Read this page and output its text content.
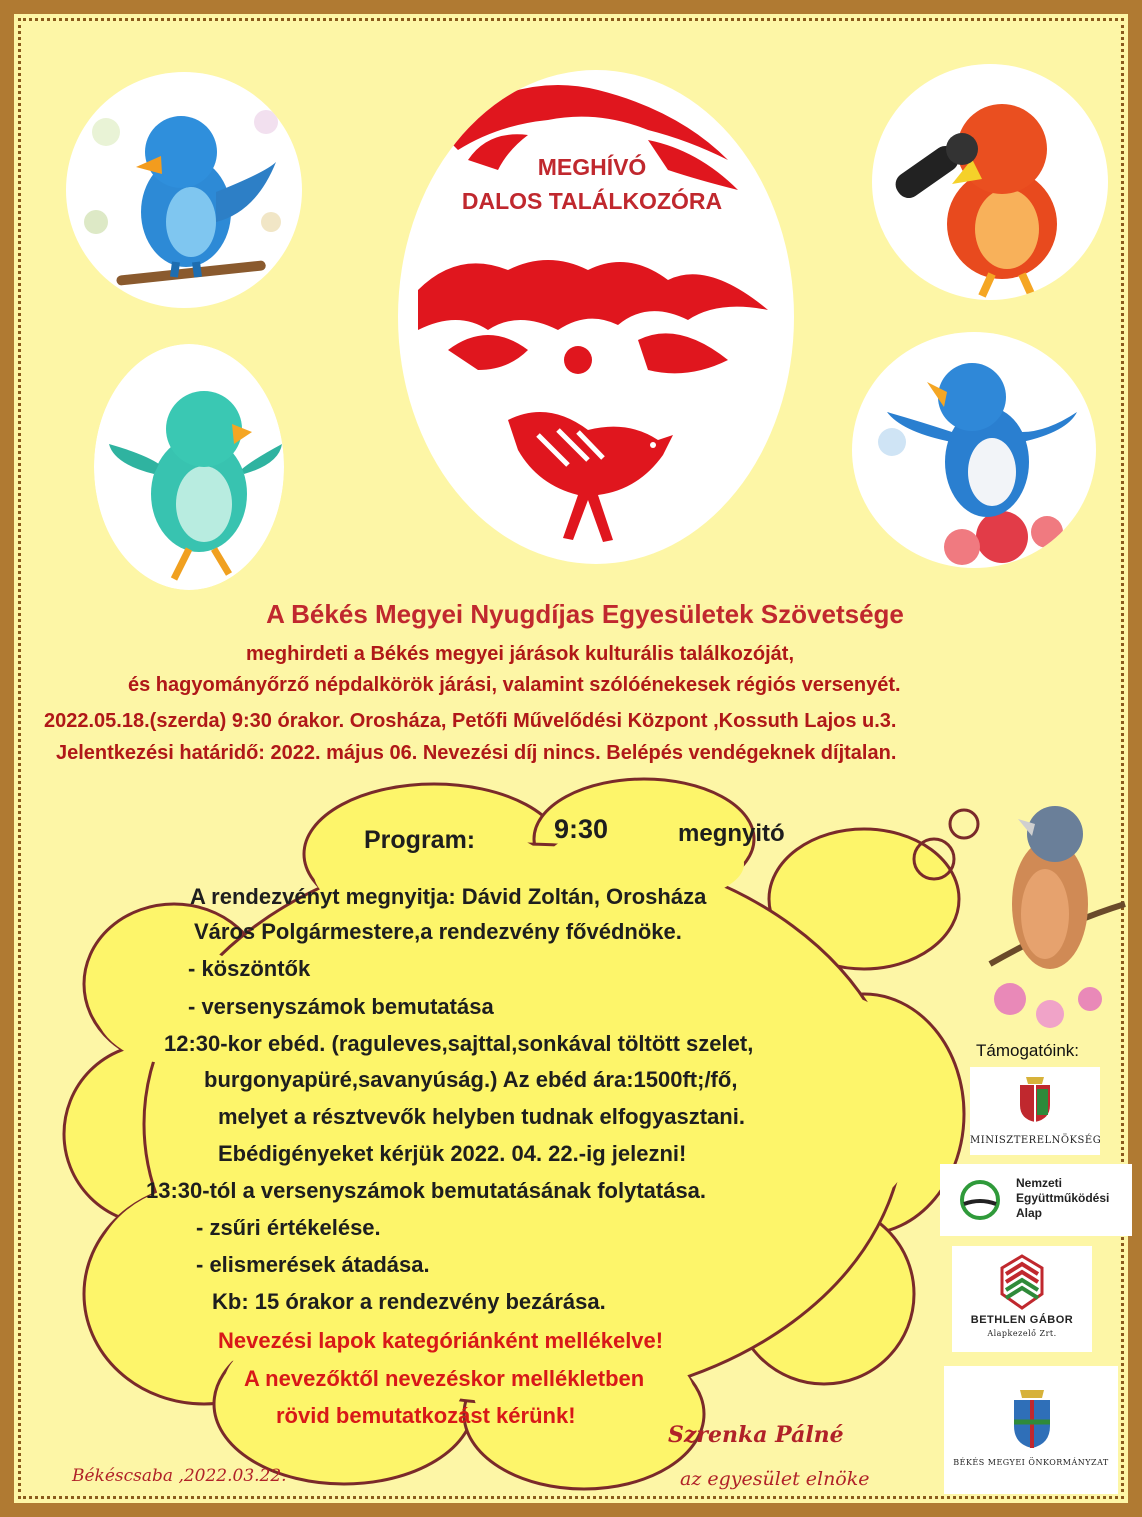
MEGHÍVÓ
DALOS TALÁLKOZÓRA
A Békés Megyei Nyugdíjas Egyesületek Szövetsége
meghirdeti a Békés megyei járások kulturális találkozóját,
és hagyományőrző népdalkörök járási, valamint szólóénekesek régiós versenyét.
2022.05.18.(szerda) 9:30 órakor. Orosháza, Petőfi Művelődési Központ ,Kossuth Lajos u.3.
Jelentkezési határidő: 2022. május 06. Nevezési díj nincs. Belépés vendégeknek díjtalan.
Program:	9:30	megnyitó
A rendezvényt megnyitja: Dávid Zoltán, Orosháza
Város Polgármestere,a rendezvény fővédnöke.
- köszöntők
- versenyszámok bemutatása
12:30-kor ebéd. (raguleves,sajttal,sonkával töltött szelet,
burgonyapüré,savanyúság.) Az ebéd ára:1500ft;/fő,
melyet a résztvevők helyben tudnak elfogyasztani.
Ebédigényeket kérjük 2022. 04. 22.-ig jelezni!
13:30-tól a versenyszámok bemutatásának folytatása.
- zsűri értékelése.
- elismerések átadása.
Kb: 15 órakor a rendezvény bezárása.
Nevezési lapok kategóriánként mellékelve!
A nevezőktől nevezéskor mellékletben
rövid bemutatkozást kérünk!
Támogatóink:
MINISZTERELNÖKSÉG
Nemzeti
Együttműködési
Alap
BETHLEN GÁBOR
Alapkezelő Zrt.
BÉKÉS MEGYEI ÖNKORMÁNYZAT
Szrenka Pálné
az egyesület elnöke
Békéscsaba ,2022.03.22.
